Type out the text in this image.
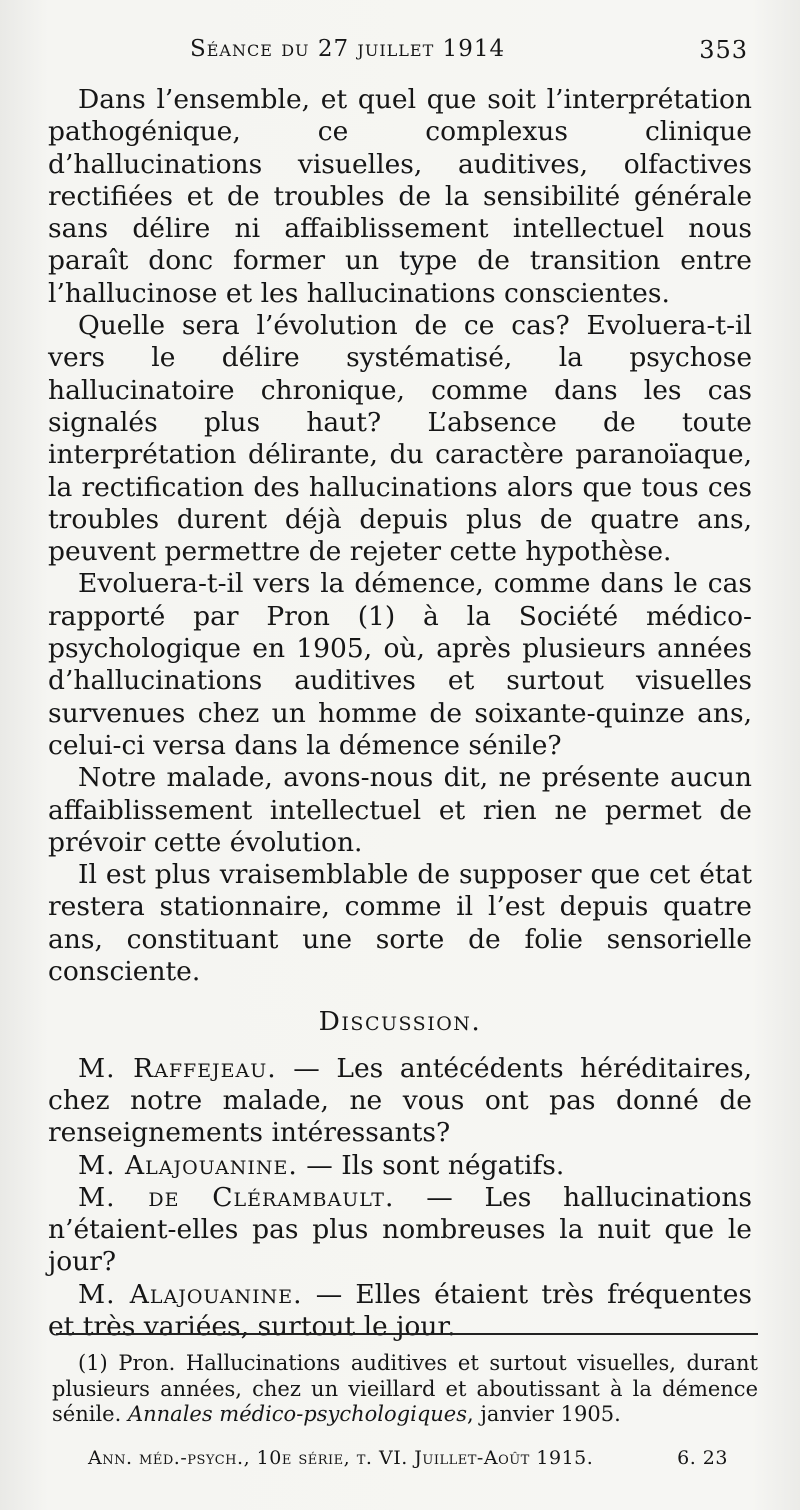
Séance du 27 juillet 1914	353

Dans l’ensemble, et quel que soit l’interprétation pathogénique, ce complexus clinique d’hallucinations visuelles, auditives, olfactives rectifiées et de troubles de la sensibilité générale sans délire ni affaiblissement intellectuel nous paraît donc former un type de transition entre l’hallucinose et les hallucinations conscientes.

Quelle sera l’évolution de ce cas? Evoluera-t-il vers le délire systématisé, la psychose hallucinatoire chronique, comme dans les cas signalés plus haut? L’absence de toute interprétation délirante, du caractère paranoïaque, la rectification des hallucinations alors que tous ces troubles durent déjà depuis plus de quatre ans, peuvent permettre de rejeter cette hypothèse.

Evoluera-t-il vers la démence, comme dans le cas rapporté par Pron (1) à la Société médico-psychologique en 1905, où, après plusieurs années d’hallucinations auditives et surtout visuelles survenues chez un homme de soixante-quinze ans, celui-ci versa dans la démence sénile?

Notre malade, avons-nous dit, ne présente aucun affaiblissement intellectuel et rien ne permet de prévoir cette évolution.

Il est plus vraisemblable de supposer que cet état restera stationnaire, comme il l’est depuis quatre ans, constituant une sorte de folie sensorielle consciente.

Discussion.

M. Raffejeau. — Les antécédents héréditaires, chez notre malade, ne vous ont pas donné de renseignements intéressants?

M. Alajouanine. — Ils sont négatifs.

M. de Clérambault. — Les hallucinations n’étaient-elles pas plus nombreuses la nuit que le jour?

M. Alajouanine. — Elles étaient très fréquentes et très variées, surtout le jour.

(1) Pron. Hallucinations auditives et surtout visuelles, durant plusieurs années, chez un vieillard et aboutissant à la démence sénile. Annales médico-psychologiques, janvier 1905.
Ann. méd.-psych., 10e série, t. VI. Juillet-Août 1915.	6. 23
